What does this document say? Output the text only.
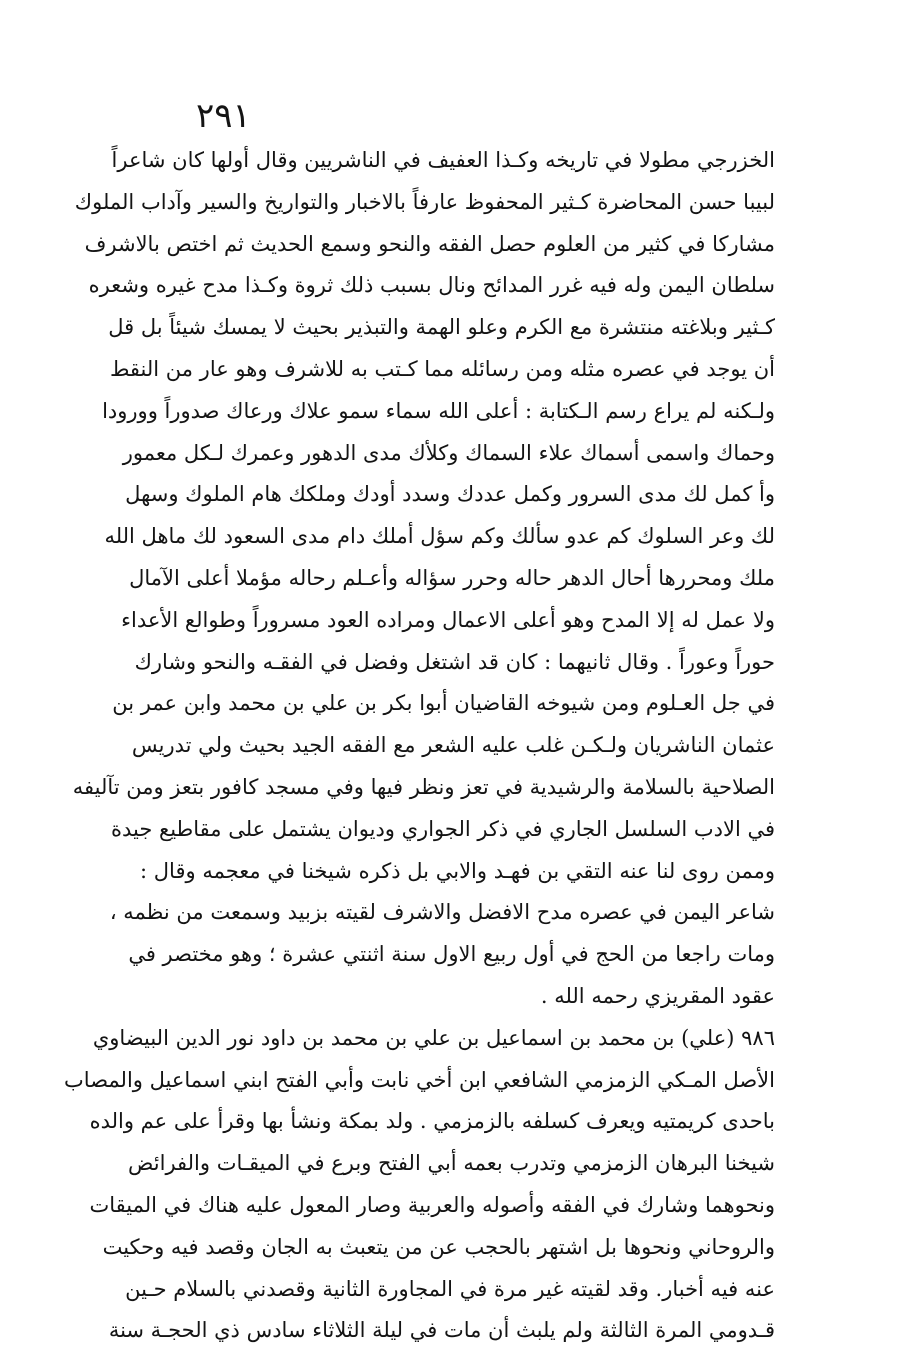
٢٩١
الخزرجي مطولا في تاريخه وكـذا العفيف في الناشريين وقال أولها كان شاعراً
لبيبا حسن المحاضرة كـثير المحفوظ عارفاً بالاخبار والتواريخ والسير وآداب الملوك
مشاركا في كثير من العلوم حصل الفقه والنحو وسمع الحديث ثم اختص بالاشرف
سلطان اليمن وله فيه غرر المدائح ونال بسبب ذلك ثروة وكـذا مدح غيره وشعره
كـثير وبلاغته منتشرة مع الكرم وعلو الهمة والتبذير بحيث لا يمسك شيئاً بل قل
أن يوجد في عصره مثله ومن رسائله مما كـتب به للاشرف وهو عار من النقط
ولـكنه لم يراع رسم الـكتابة : أعلى الله سماء سمو علاك ورعاك صدوراً وورودا
وحماك واسمى أسماك علاء السماك وكلأك مدى الدهور وعمرك لـكل معمور
وأ كمل لك مدى السرور وكمل عددك وسدد أودك وملكك هام الملوك وسهل
لك وعر السلوك كم عدو سألك وكم سؤل أملك دام مدى السعود لك ماهل الله
ملك ومحررها أحال الدهر حاله وحرر سؤاله وأعـلم رحاله مؤملا أعلى الآمال
ولا عمل له إلا المدح وهو أعلى الاعمال ومراده العود مسروراً وطوالع الأعداء
حوراً وعوراً . وقال ثانيهما : كان قد اشتغل وفضل في الفقـه والنحو وشارك
في جل العـلوم ومن شيوخه القاضيان أبوا بكر بن علي بن محمد وابن عمر بن
عثمان الناشريان ولـكـن غلب عليه الشعر مع الفقه الجيد بحيث ولي تدريس
الصلاحية بالسلامة والرشيدية في تعز ونظر فيها وفي مسجد كافور بتعز ومن تآليفه
في الادب السلسل الجاري في ذكر الجواري وديوان يشتمل على مقاطيع جيدة
وممن روى لنا عنه التقي بن فهـد والابي بل ذكره شيخنا في معجمه وقال :
شاعر اليمن في عصره مدح الافضل والاشرف لقيته بزبيد وسمعت من نظمه ،
ومات راجعا من الحج في أول ربيع الاول سنة اثنتي عشرة ؛ وهو مختصر في
عقود المقريزي رحمه الله .
٩٨٦ (علي) بن محمد بن اسماعيل بن علي بن محمد بن داود نور الدين البيضاوي
الأصل المـكي الزمزمي الشافعي ابن أخي نابت وأبي الفتح ابني اسماعيل والمصاب
باحدى كريمتيه ويعرف كسلفه بالزمزمي . ولد بمكة ونشأ بها وقرأ على عم والده
شيخنا البرهان الزمزمي وتدرب بعمه أبي الفتح وبرع في الميقـات والفرائض
ونحوهما وشارك في الفقه وأصوله والعربية وصار المعول عليه هناك في الميقات
والروحاني ونحوها بل اشتهر بالحجب عن من يتعبث به الجان وقصد فيه وحكيت
عنه فيه أخبار. وقد لقيته غير مرة في المجاورة الثانية وقصدني بالسلام حـين
قـدومي المرة الثالثة ولم يلبث أن مات في ليلة الثلاثاء سادس ذي الحجـة سنة
